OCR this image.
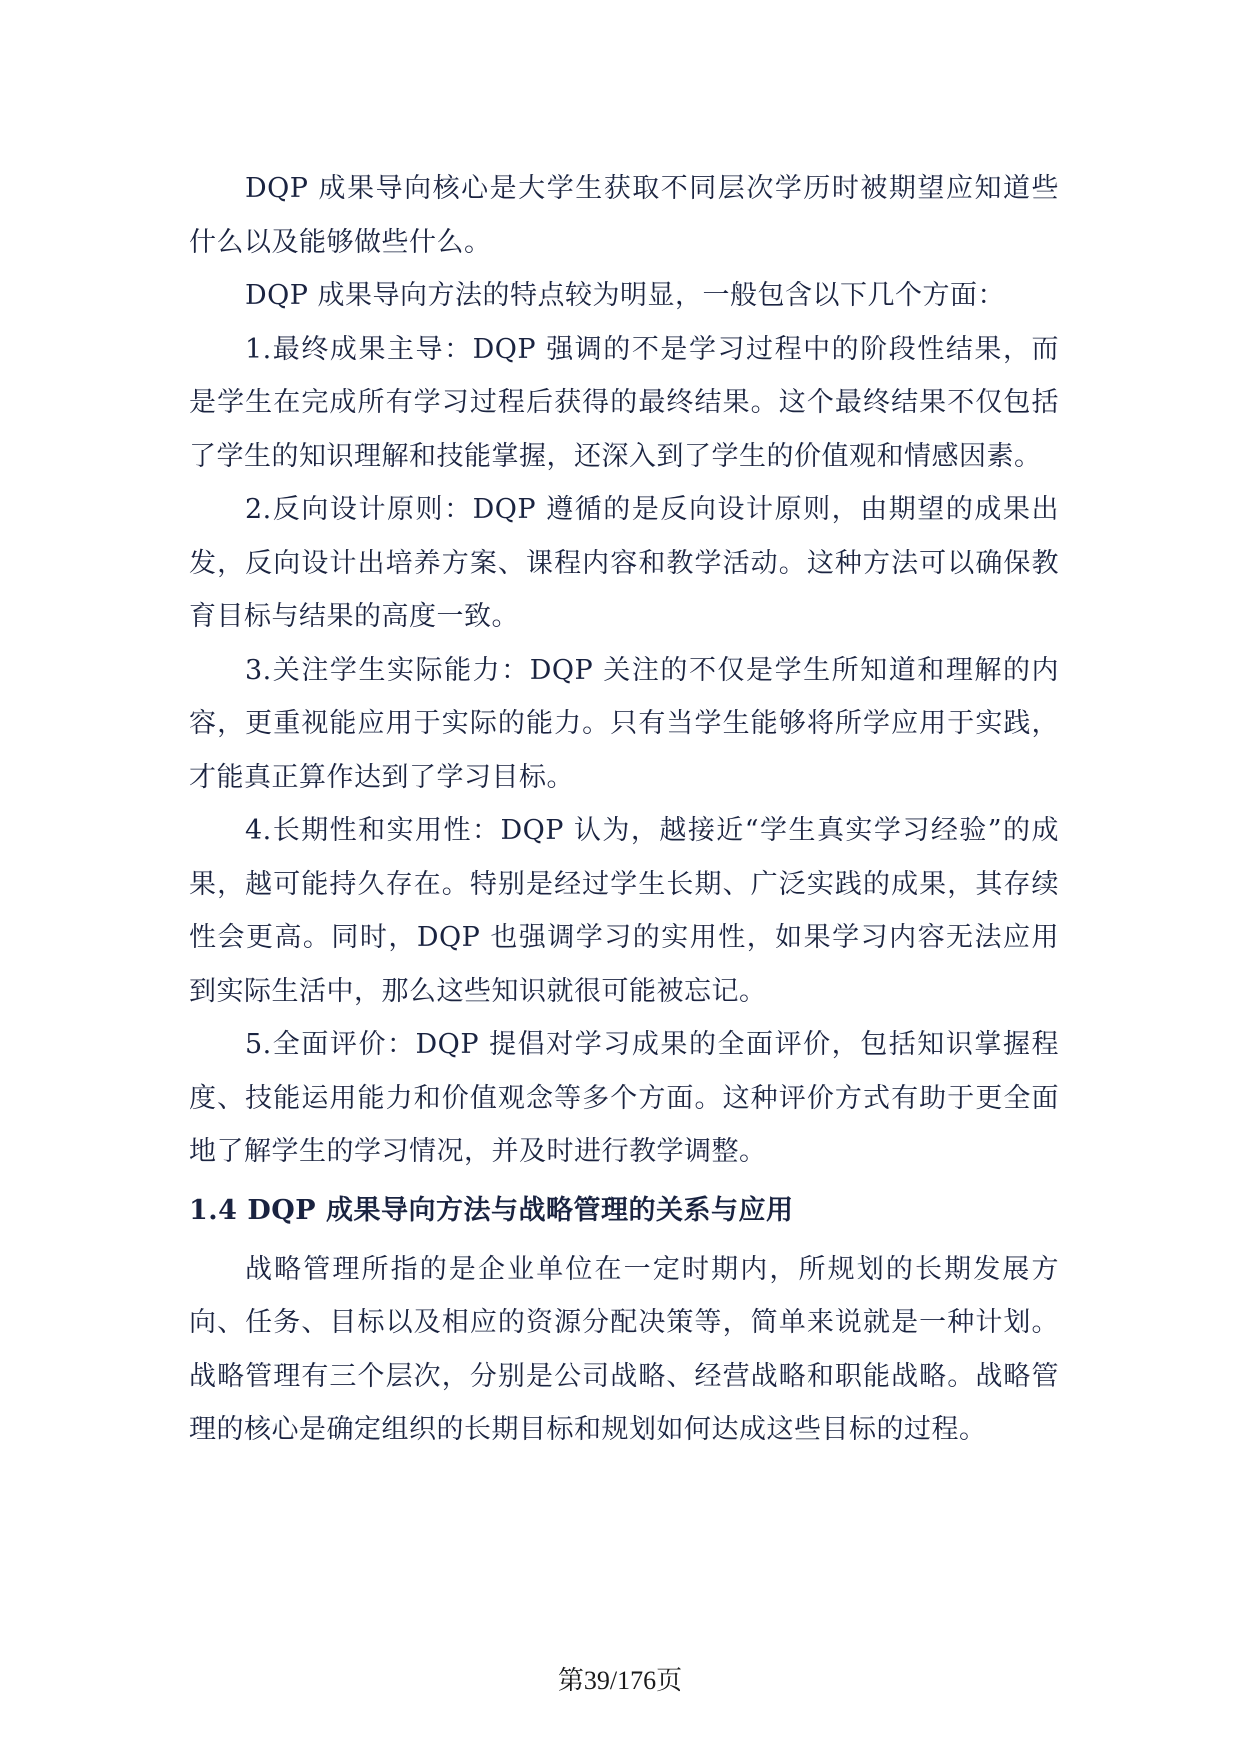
DQP 成果导向核心是大学生获取不同层次学历时被期望应知道些什么以及能够做些什么。

DQP 成果导向方法的特点较为明显，一般包含以下几个方面：

1.最终成果主导：DQP 强调的不是学习过程中的阶段性结果，而是学生在完成所有学习过程后获得的最终结果。这个最终结果不仅包括了学生的知识理解和技能掌握，还深入到了学生的价值观和情感因素。

2.反向设计原则：DQP 遵循的是反向设计原则，由期望的成果出发，反向设计出培养方案、课程内容和教学活动。这种方法可以确保教育目标与结果的高度一致。

3.关注学生实际能力：DQP 关注的不仅是学生所知道和理解的内容，更重视能应用于实际的能力。只有当学生能够将所学应用于实践，才能真正算作达到了学习目标。

4.长期性和实用性：DQP 认为，越接近“学生真实学习经验”的成果，越可能持久存在。特别是经过学生长期、广泛实践的成果，其存续性会更高。同时，DQP 也强调学习的实用性，如果学习内容无法应用到实际生活中，那么这些知识就很可能被忘记。

5.全面评价：DQP 提倡对学习成果的全面评价，包括知识掌握程度、技能运用能力和价值观念等多个方面。这种评价方式有助于更全面地了解学生的学习情况，并及时进行教学调整。

1.4 DQP 成果导向方法与战略管理的关系与应用

战略管理所指的是企业单位在一定时期内，所规划的长期发展方向、任务、目标以及相应的资源分配决策等，简单来说就是一种计划。战略管理有三个层次，分别是公司战略、经营战略和职能战略。战略管理的核心是确定组织的长期目标和规划如何达成这些目标的过程。

第39/176页
